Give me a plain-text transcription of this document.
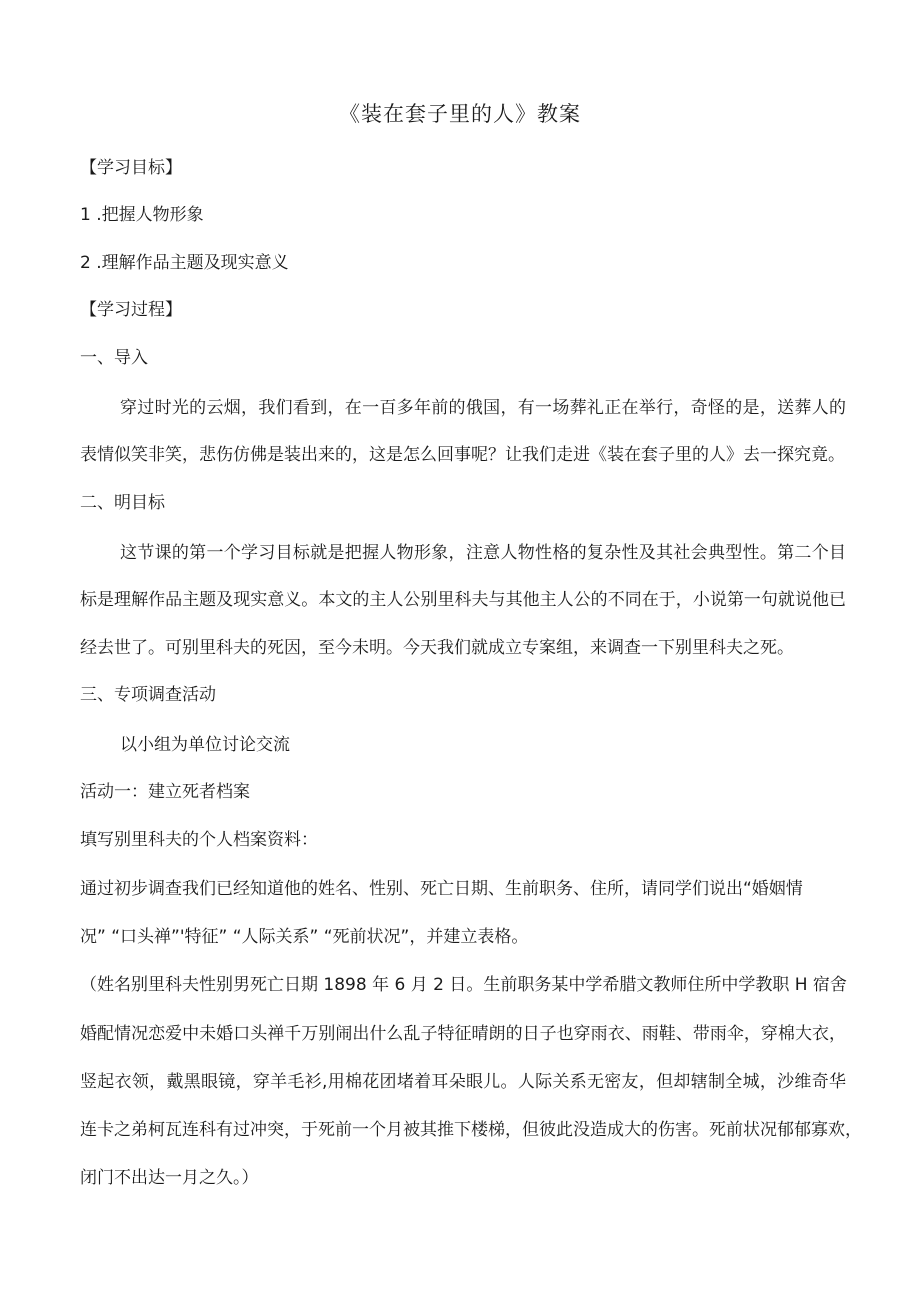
《装在套子里的人》教案
【学习目标】
1 .把握人物形象
2 .理解作品主题及现实意义
【学习过程】
一、导入
穿过时光的云烟，我们看到，在一百多年前的俄国，有一场葬礼正在举行，奇怪的是，送葬人的
表情似笑非笑，悲伤仿佛是装出来的，这是怎么回事呢？让我们走进《装在套子里的人》去一探究竟。
二、明目标
这节课的第一个学习目标就是把握人物形象，注意人物性格的复杂性及其社会典型性。第二个目
标是理解作品主题及现实意义。本文的主人公别里科夫与其他主人公的不同在于，小说第一句就说他已
经去世了。可别里科夫的死因，至今未明。今天我们就成立专案组，来调查一下别里科夫之死。
三、专项调查活动
以小组为单位讨论交流
活动一：建立死者档案
填写别里科夫的个人档案资料：
通过初步调查我们已经知道他的姓名、性别、死亡日期、生前职务、住所，请同学们说出“婚姻情
况” “口头禅”'特征” “人际关系” “死前状况”，并建立表格。
（姓名别里科夫性别男死亡日期 1898 年 6 月 2 日。生前职务某中学希腊文教师住所中学教职 H 宿舍
婚配情况恋爱中未婚口头禅千万别闹出什么乱子特征晴朗的日子也穿雨衣、雨鞋、带雨伞，穿棉大衣，
竖起衣领，戴黑眼镜，穿羊毛衫,用棉花团堵着耳朵眼儿。人际关系无密友，但却辖制全城，沙维奇华
连卡之弟柯瓦连科有过冲突，于死前一个月被其推下楼梯，但彼此没造成大的伤害。死前状况郁郁寡欢，
闭门不出达一月之久。）
